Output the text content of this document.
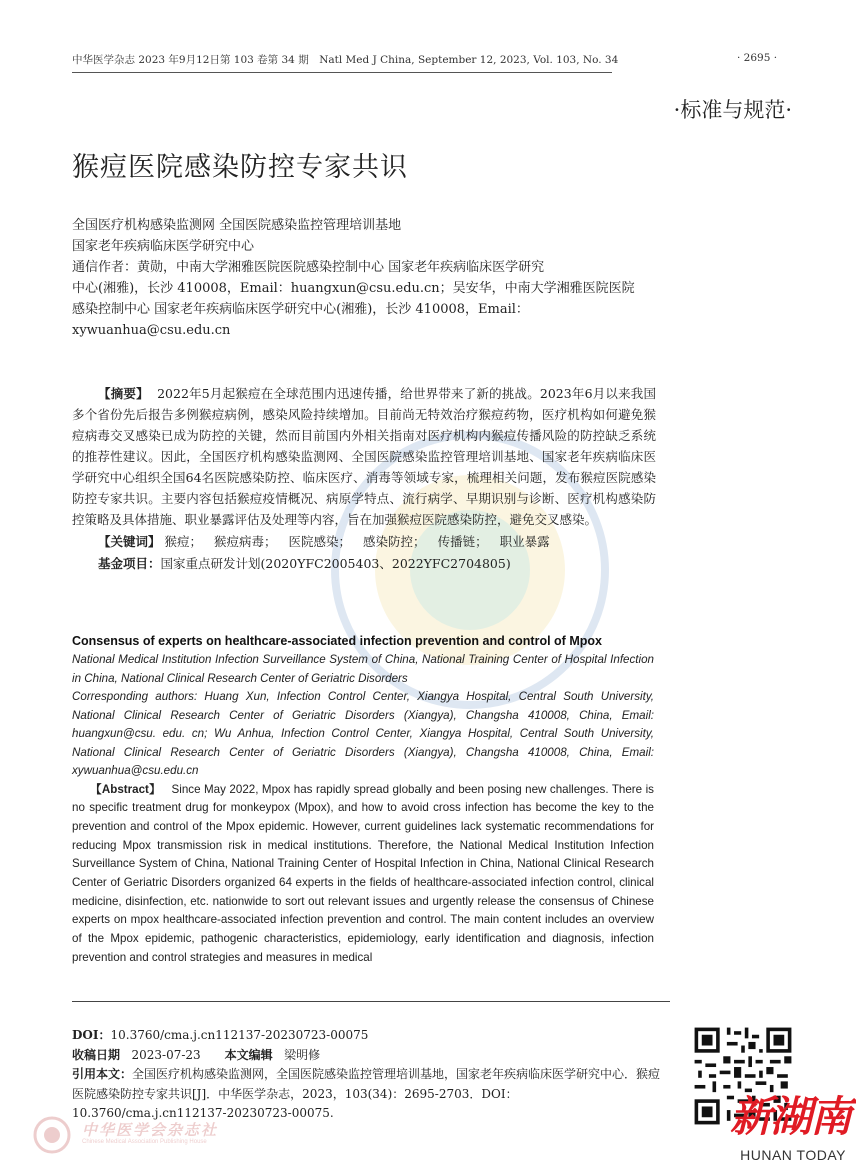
中华医学杂志 2023 年9月12日第 103 卷第 34 期　Natl Med J China, September 12, 2023, Vol. 103, No. 34	· 2695 ·
·标准与规范·
猴痘医院感染防控专家共识
全国医疗机构感染监测网 全国医院感染监控管理培训基地
国家老年疾病临床医学研究中心
通信作者：黄勋，中南大学湘雅医院医院感染控制中心 国家老年疾病临床医学研究
中心(湘雅)，长沙 410008，Email：huangxun@csu.edu.cn；吴安华，中南大学湘雅医院医院
感染控制中心 国家老年疾病临床医学研究中心(湘雅)，长沙 410008，Email：
xywuanhua@csu.edu.cn
【摘要】 2022年5月起猴痘在全球范围内迅速传播，给世界带来了新的挑战。2023年6月以来我国多个省份先后报告多例猴痘病例，感染风险持续增加。目前尚无特效治疗猴痘药物，医疗机构如何避免猴痘病毒交叉感染已成为防控的关键，然而目前国内外相关指南对医疗机构内猴痘传播风险的防控缺乏系统的推荐性建议。因此，全国医疗机构感染监测网、全国医院感染监控管理培训基地、国家老年疾病临床医学研究中心组织全国64名医院感染防控、临床医疗、消毒等领域专家，梳理相关问题，发布猴痘医院感染防控专家共识。主要内容包括猴痘疫情概况、病原学特点、流行病学、早期识别与诊断、医疗机构感染防控策略及具体措施、职业暴露评估及处理等内容，旨在加强猴痘医院感染防控，避免交叉感染。
【关键词】 猴痘； 猴痘病毒； 医院感染； 感染防控； 传播链； 职业暴露
基金项目：国家重点研发计划(2020YFC2005403、2022YFC2704805)
Consensus of experts on healthcare-associated infection prevention and control of Mpox
National Medical Institution Infection Surveillance System of China, National Training Center of Hospital Infection in China, National Clinical Research Center of Geriatric Disorders
Corresponding authors: Huang Xun, Infection Control Center, Xiangya Hospital, Central South University, National Clinical Research Center of Geriatric Disorders (Xiangya), Changsha 410008, China, Email: huangxun@csu. edu. cn; Wu Anhua, Infection Control Center, Xiangya Hospital, Central South University, National Clinical Research Center of Geriatric Disorders (Xiangya), Changsha 410008, China, Email: xywuanhua@csu.edu.cn
【Abstract】 Since May 2022, Mpox has rapidly spread globally and been posing new challenges. There is no specific treatment drug for monkeypox (Mpox), and how to avoid cross infection has become the key to the prevention and control of the Mpox epidemic. However, current guidelines lack systematic recommendations for reducing Mpox transmission risk in medical institutions. Therefore, the National Medical Institution Infection Surveillance System of China, National Training Center of Hospital Infection in China, National Clinical Research Center of Geriatric Disorders organized 64 experts in the fields of healthcare-associated infection control, clinical medicine, disinfection, etc. nationwide to sort out relevant issues and urgently release the consensus of Chinese experts on mpox healthcare-associated infection prevention and control. The main content includes an overview of the Mpox epidemic, pathogenic characteristics, epidemiology, early identification and diagnosis, infection prevention and control strategies and measures in medical
DOI：10.3760/cma.j.cn112137-20230723-00075
收稿日期 2023-07-23 本文编辑 梁明修
引用本文：全国医疗机构感染监测网，全国医院感染监控管理培训基地，国家老年疾病临床医学研究中心．猴痘医院感染防控专家共识[J]．中华医学杂志，2023，103(34)：2695-2703．DOI：10.3760/cma.j.cn112137-20230723-00075.
中华医学会杂志社
Chinese Medical Association Publishing House
新湖南
HUNAN TODAY
